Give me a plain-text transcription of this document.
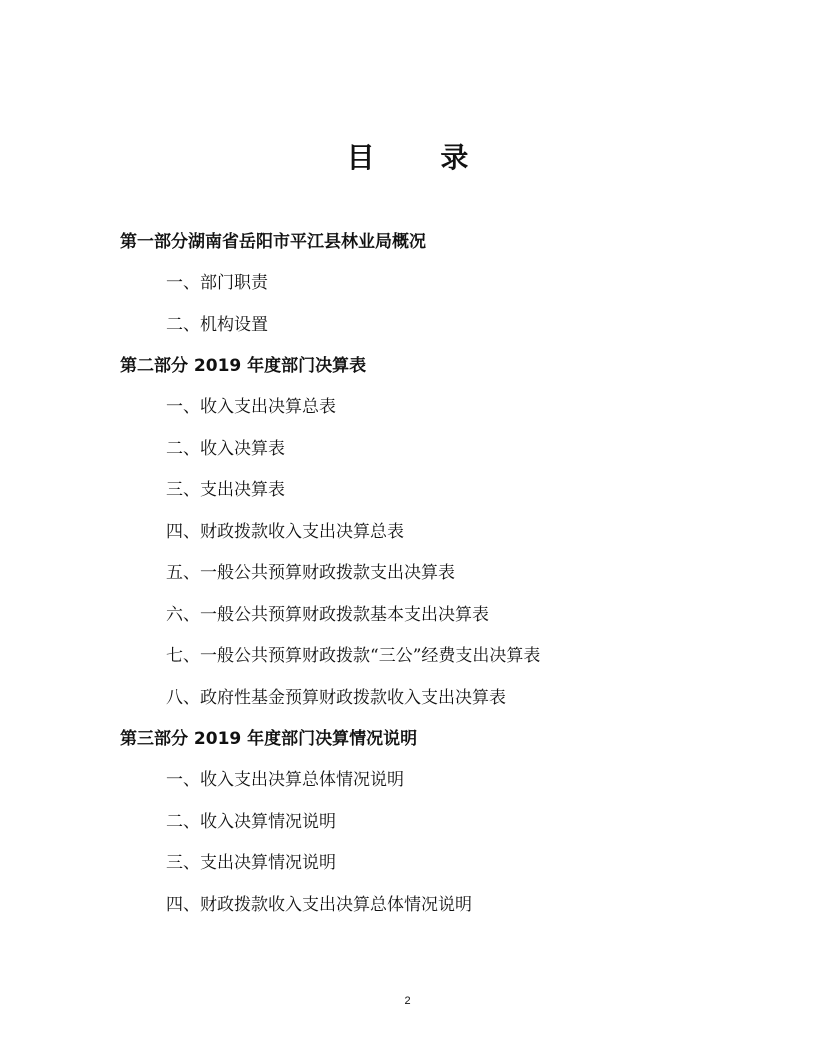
目 录
第一部分湖南省岳阳市平江县林业局概况
一、部门职责
二、机构设置
第二部分 2019 年度部门决算表
一、收入支出决算总表
二、收入决算表
三、支出决算表
四、财政拨款收入支出决算总表
五、一般公共预算财政拨款支出决算表
六、一般公共预算财政拨款基本支出决算表
七、一般公共预算财政拨款“三公”经费支出决算表
八、政府性基金预算财政拨款收入支出决算表
第三部分 2019 年度部门决算情况说明
一、收入支出决算总体情况说明
二、收入决算情况说明
三、支出决算情况说明
四、财政拨款收入支出决算总体情况说明
2
